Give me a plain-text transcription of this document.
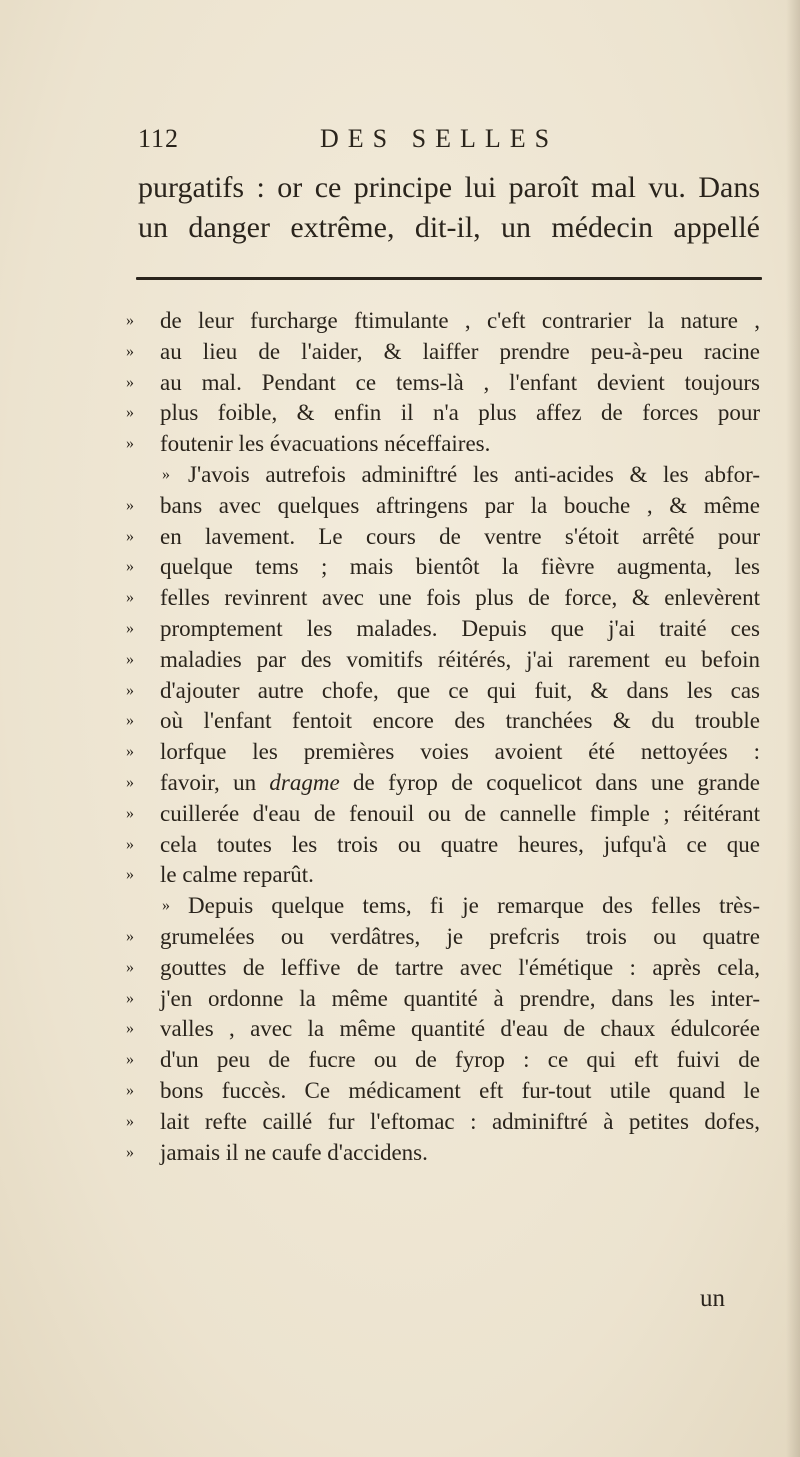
112	DES SELLES
purgatifs : or ce principe lui paroît mal vu. Dans
un danger extrême, dit-il, un médecin appellé
» de leur furcharge ftimulante , c'eft contrarier la nature ,
» au lieu de l'aider, & laiffer prendre peu-à-peu racine
» au mal. Pendant ce tems-là , l'enfant devient toujours
» plus foible, & enfin il n'a plus affez de forces pour
» foutenir les évacuations néceffaires.
» J'avois autrefois adminiftré les anti-acides & les abfor-
» bans avec quelques aftringens par la bouche , & même
» en lavement. Le cours de ventre s'étoit arrêté pour
» quelque tems ; mais bientôt la fièvre augmenta, les
» felles revinrent avec une fois plus de force, & enlevèrent
» promptement les malades. Depuis que j'ai traité ces
» maladies par des vomitifs réitérés, j'ai rarement eu befoin
» d'ajouter autre chofe, que ce qui fuit, & dans les cas
» où l'enfant fentoit encore des tranchées & du trouble
» lorfque les premières voies avoient été nettoyées :
» favoir, un dragme de fyrop de coquelicot dans une grande
» cuillerée d'eau de fenouil ou de cannelle fimple ; réitérant
» cela toutes les trois ou quatre heures, jufqu'à ce que
» le calme reparût.
» Depuis quelque tems, fi je remarque des felles très-
» grumelées ou verdâtres, je prefcris trois ou quatre
» gouttes de leffive de tartre avec l'émétique : après cela,
» j'en ordonne la même quantité à prendre, dans les inter-
» valles , avec la même quantité d'eau de chaux édulcorée
» d'un peu de fucre ou de fyrop : ce qui eft fuivi de
» bons fuccès. Ce médicament eft fur-tout utile quand le
» lait refte caillé fur l'eftomac : adminiftré à petites dofes,
» jamais il ne caufe d'accidens.
un
